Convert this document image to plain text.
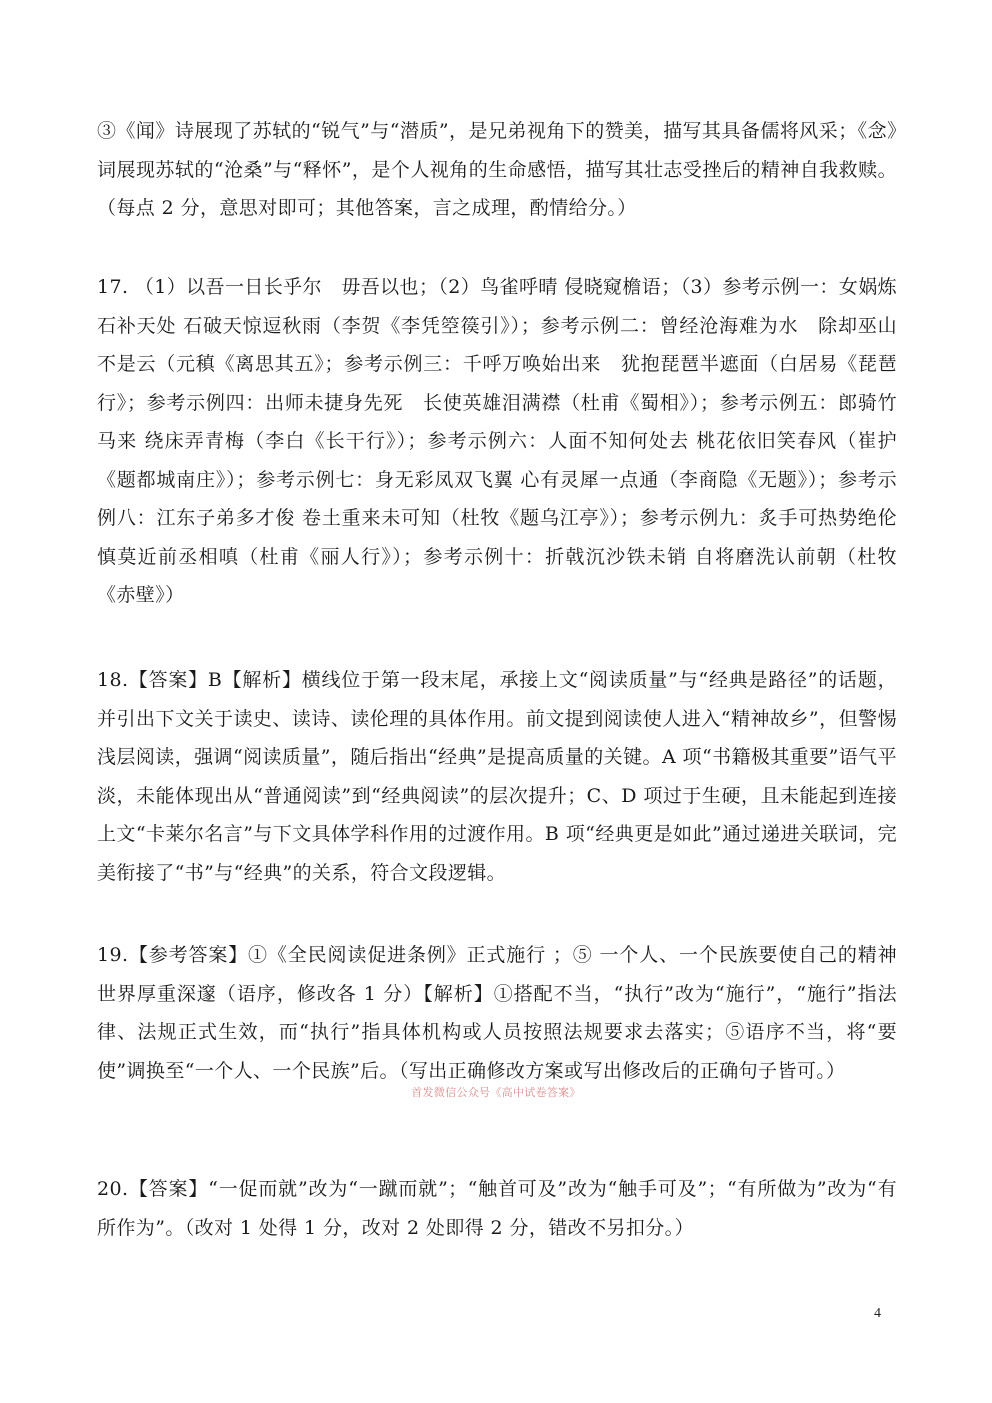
③《闻》诗展现了苏轼的“锐气”与“潜质”，是兄弟视角下的赞美，描写其具备儒将风采；《念》词展现苏轼的“沧桑”与“释怀”，是个人视角的生命感悟，描写其壮志受挫后的精神自我救赎。（每点 2 分，意思对即可；其他答案，言之成理，酌情给分。）

17. （1）以吾一日长乎尔　毋吾以也；（2）鸟雀呼晴 侵晓窥檐语；（3）参考示例一：女娲炼石补天处 石破天惊逗秋雨（李贺《李凭箜篌引》）；参考示例二：曾经沧海难为水　除却巫山不是云（元稹《离思其五》；参考示例三：千呼万唤始出来　犹抱琵琶半遮面（白居易《琵琶行》；参考示例四：出师未捷身先死　长使英雄泪满襟（杜甫《蜀相》）；参考示例五：郎骑竹马来 绕床弄青梅（李白《长干行》）；参考示例六：人面不知何处去 桃花依旧笑春风（崔护《题都城南庄》）；参考示例七：身无彩凤双飞翼 心有灵犀一点通（李商隐《无题》）；参考示例八：江东子弟多才俊 卷土重来未可知（杜牧《题乌江亭》）；参考示例九：炙手可热势绝伦 慎莫近前丞相嗔（杜甫《丽人行》）；参考示例十：折戟沉沙铁未销 自将磨洗认前朝（杜牧《赤壁》）

18.【答案】B【解析】横线位于第一段末尾，承接上文“阅读质量”与“经典是路径”的话题，并引出下文关于读史、读诗、读伦理的具体作用。前文提到阅读使人进入“精神故乡”，但警惕浅层阅读，强调“阅读质量”，随后指出“经典”是提高质量的关键。A 项“书籍极其重要”语气平淡，未能体现出从“普通阅读”到“经典阅读”的层次提升；C、D 项过于生硬，且未能起到连接上文“卡莱尔名言”与下文具体学科作用的过渡作用。B 项“经典更是如此”通过递进关联词，完美衔接了“书”与“经典”的关系，符合文段逻辑。

19.【参考答案】①《全民阅读促进条例》正式施行 ；⑤ 一个人、一个民族要使自己的精神世界厚重深邃（语序，修改各 1 分）【解析】①搭配不当，“执行”改为“施行”，“施行”指法律、法规正式生效，而“执行”指具体机构或人员按照法规要求去落实；⑤语序不当，将“要使”调换至“一个人、一个民族”后。（写出正确修改方案或写出修改后的正确句子皆可。）

首发微信公众号《高中试卷答案》

20.【答案】“一促而就”改为“一蹴而就”；“触首可及”改为“触手可及”；“有所做为”改为“有所作为”。（改对 1 处得 1 分，改对 2 处即得 2 分，错改不另扣分。）

4
